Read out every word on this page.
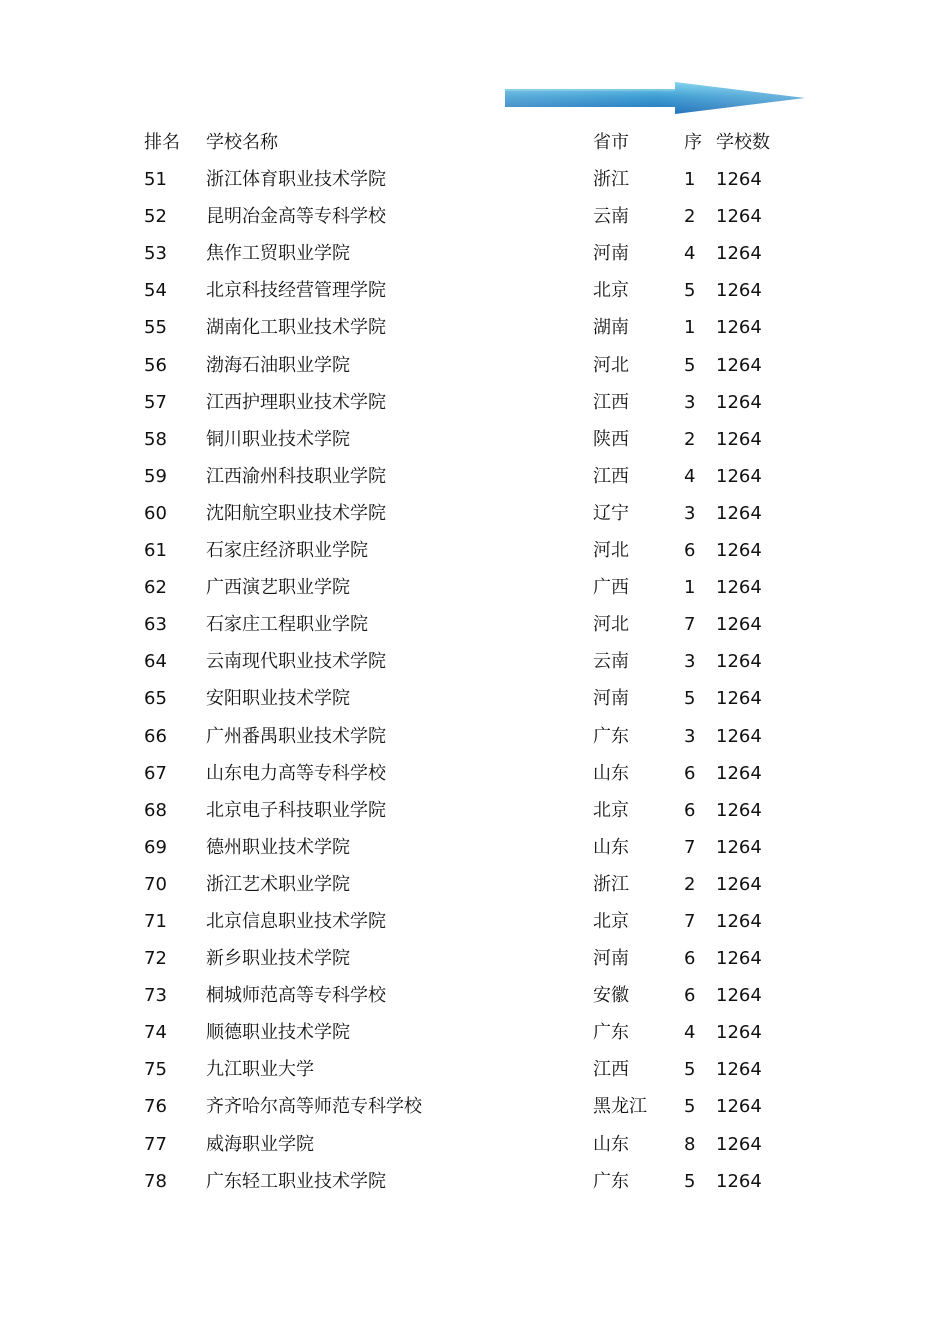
排名 学校名称	省市	序 学校数
51 浙江体育职业技术学院	浙江	1 1264
52 昆明冶金高等专科学校	云南	2 1264
53 焦作工贸职业学院	河南	4 1264
54 北京科技经营管理学院	北京	5 1264
55 湖南化工职业技术学院	湖南	1 1264
56 渤海石油职业学院	河北	5 1264
57 江西护理职业技术学院	江西	3 1264
58 铜川职业技术学院	陕西	2 1264
59 江西渝州科技职业学院	江西	4 1264
60 沈阳航空职业技术学院	辽宁	3 1264
61 石家庄经济职业学院	河北	6 1264
62 广西演艺职业学院	广西	1 1264
63 石家庄工程职业学院	河北	7 1264
64 云南现代职业技术学院	云南	3 1264
65 安阳职业技术学院	河南	5 1264
66 广州番禺职业技术学院	广东	3 1264
67 山东电力高等专科学校	山东	6 1264
68 北京电子科技职业学院	北京	6 1264
69 德州职业技术学院	山东	7 1264
70 浙江艺术职业学院	浙江	2 1264
71 北京信息职业技术学院	北京	7 1264
72 新乡职业技术学院	河南	6 1264
73 桐城师范高等专科学校	安徽	6 1264
74 顺德职业技术学院	广东	4 1264
75 九江职业大学	江西	5 1264
76 齐齐哈尔高等师范专科学校	黑龙江 5 1264
77 威海职业学院	山东	8 1264
78 广东轻工职业技术学院	广东	5 1264
